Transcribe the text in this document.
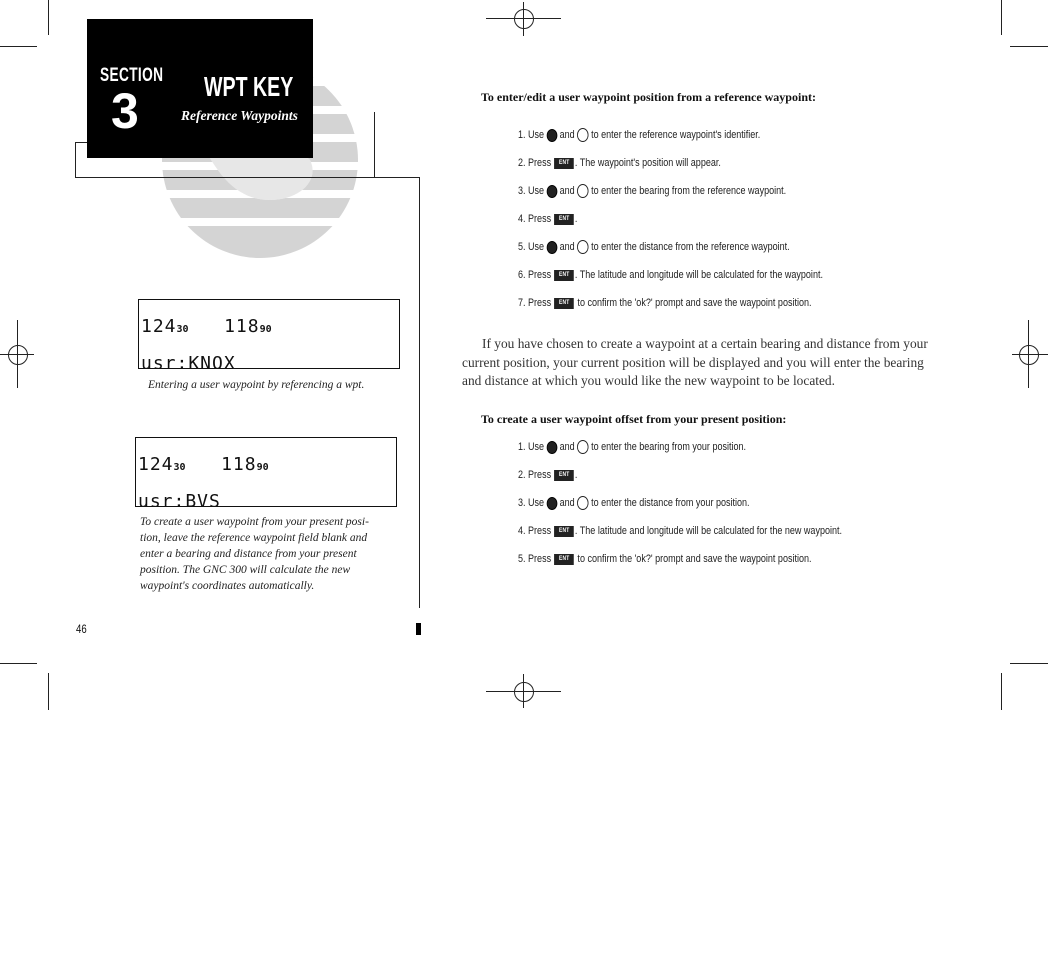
SECTION
3 WPT KEY
Reference Waypoints

12430 11890

usr:KNOX

Entering a user waypoint by referencing a wpt.

12430 11890

usr:BVS

To create a user waypoint from your present posi-
tion, leave the reference waypoint field blank and
enter a bearing and distance from your present
position. The GNC 300 will calculate the new
waypoint's coordinates automatically.
46
To enter/edit a user waypoint position from a reference waypoint:
1. Use and to enter the reference waypoint's identifier.
2. Press
	ENT . The waypoint's position will appear.
3. Use and to enter the bearing from the reference waypoint.
4. Press
	ENT .
5. Use and to enter the distance from the reference waypoint.
6. Press
	ENT . The latitude and longitude will be calculated for the waypoint.
7. Press
	ENT
to confirm the 'ok?' prompt and save the waypoint position.
If you have chosen to create a waypoint at a certain bearing and distance from your current position, your current position will be displayed and you will enter the bearing and distance at which you would like the new waypoint to be located.
To create a user waypoint offset from your present position:
1. Use and to enter the bearing from your position.
2. Press
	ENT .
3. Use and to enter the distance from your position.
4. Press
	ENT . The latitude and longitude will be calculated for the new waypoint.
5. Press
	ENT
to confirm the 'ok?' prompt and save the waypoint position.
